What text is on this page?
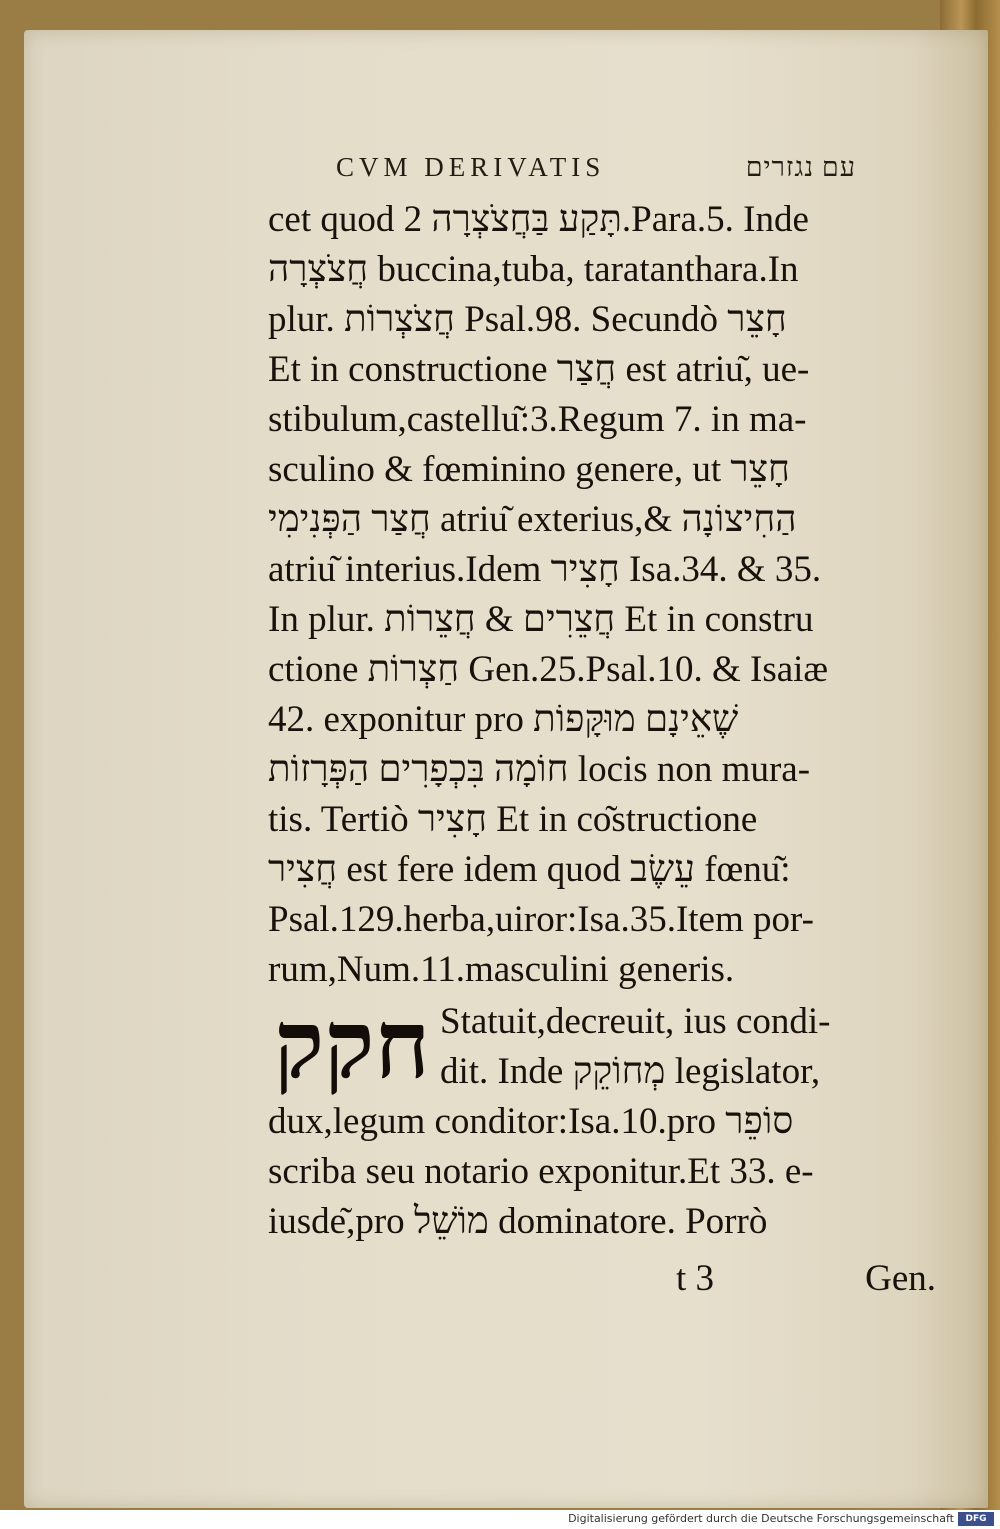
CVM DERIVATIS	עם נגזרים
cet quod תָּקַע בַּחֲצֹצְרָה 2.Para.5. Inde
חֲצֹצְרָה buccina,tuba, taratanthara.In
plur. חֲצֹצְרוֹת Psal.98. Secundò חָצֵר
Et in constructione חֲצַר est atriu͂, ue-
stibulum,castellu͂:3.Regum 7. in ma-
sculino & fœminino genere, ut חָצֵר
חֲצַר הַפְּנִימִי atriu͂ exterius,& הַחִיצוֹנָה
atriu͂ interius.Idem חָצִיר Isa.34. & 35.
In plur. חֲצֵרִים & חֲצֵרוֹת Et in constru
ctione חַצְרוֹת Gen.25.Psal.10. & Isaiæ
42. exponitur pro שֶׁאֵינָם מוּקָּפוֹת
חוֹמָה בִּכְפָרִים הַפְּרָזוֹת locis non mura-
tis. Tertiò חָצִיר Et in co͂structione
חֲצִיר est fere idem quod עֵשֶׂב fœnu͂:
Psal.129.herba,uiror:Isa.35.Item por-
rum,Num.11.masculini generis.
חקק Statuit,decreuit, ius condi-
dit. Inde מְחוֹקֵק legislator,
dux,legum conditor:Isa.10.pro סוֹפֵר
scriba seu notario exponitur.Et 33. e-
iusde͂,pro מוֹשֵׁל dominatore. Porrò
t 3	Gen.
Digitalisierung gefördert durch die Deutsche Forschungsgemeinschaft	DFG
